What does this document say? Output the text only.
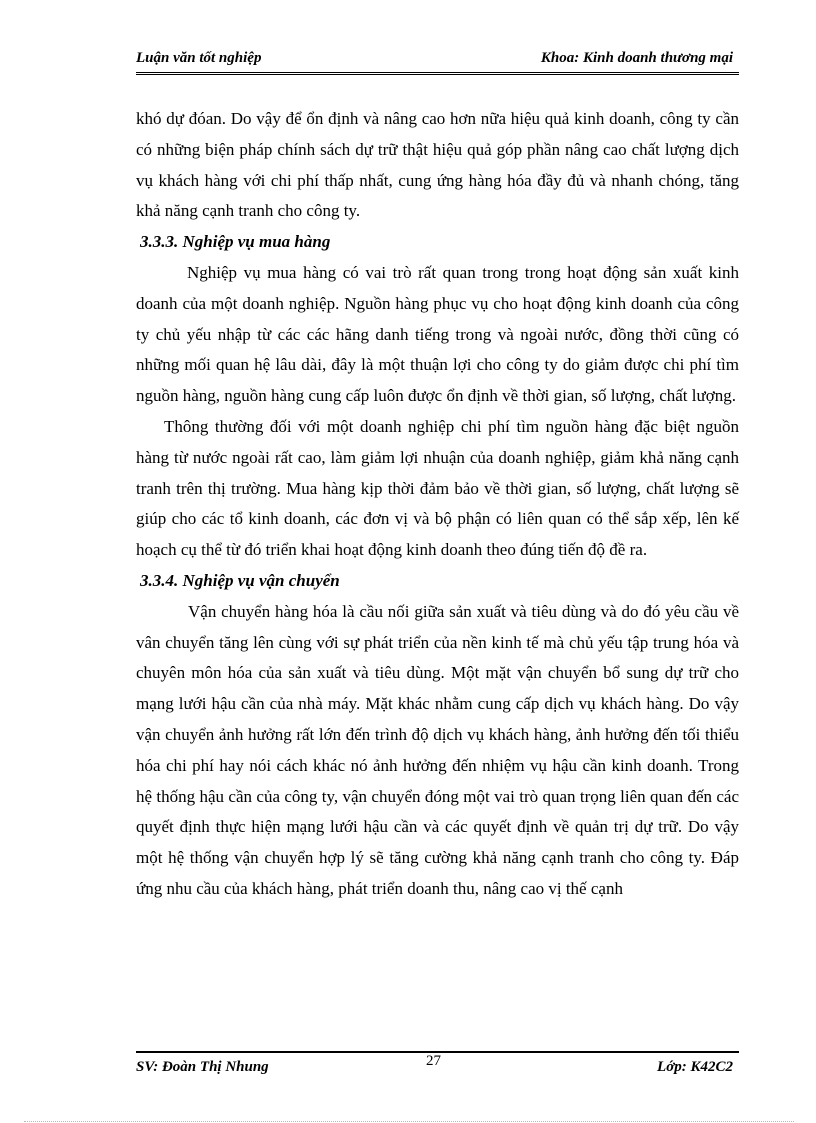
Luận văn tốt nghiệp	Khoa: Kinh doanh thương mại

khó dự đóan. Do vậy để ổn định và nâng cao hơn nữa hiệu quả kinh doanh, công ty cần có những biện pháp chính sách dự trữ thật hiệu quả góp phần nâng cao chất lượng dịch vụ khách hàng với chi phí thấp nhất, cung ứng hàng hóa đầy đủ và nhanh chóng, tăng khả năng cạnh tranh cho công ty.

3.3.3. Nghiệp vụ mua hàng

Nghiệp vụ mua hàng có vai trò rất quan trong trong hoạt động sản xuất kinh doanh của một doanh nghiệp. Nguồn hàng phục vụ cho hoạt động kinh doanh của công ty chủ yếu nhập từ các các hãng danh tiếng trong và ngoài nước, đồng thời cũng có những mối quan hệ lâu dài, đây là một thuận lợi cho công ty do giảm được chi phí tìm nguồn hàng, nguồn hàng cung cấp luôn được ổn định về thời gian, số lượng, chất lượng.

Thông thường đối với một doanh nghiệp chi phí tìm nguồn hàng đặc biệt nguồn hàng từ nước ngoài rất cao, làm giảm lợi nhuận của doanh nghiệp, giảm khả năng cạnh tranh trên thị trường. Mua hàng kịp thời đảm bảo về thời gian, số lượng, chất lượng sẽ giúp cho các tổ kinh doanh, các đơn vị và bộ phận có liên quan có thể sắp xếp, lên kế hoạch cụ thể từ đó triển khai hoạt động kinh doanh theo đúng tiến độ đề ra.

3.3.4. Nghiệp vụ vận chuyển

Vận chuyển hàng hóa là cầu nối giữa sản xuất và tiêu dùng và do đó yêu cầu về vân chuyển tăng lên cùng với sự phát triển của nền kinh tế mà chủ yếu tập trung hóa và chuyên môn hóa của sản xuất và tiêu dùng. Một mặt vận chuyển bổ sung dự trữ cho mạng lưới hậu cần của nhà máy. Mặt khác nhằm cung cấp dịch vụ khách hàng. Do vậy vận chuyển ảnh hưởng rất lớn đến trình độ dịch vụ khách hàng, ảnh hưởng đến tối thiểu hóa chi phí hay nói cách khác nó ảnh hưởng đến nhiệm vụ hậu cần kinh doanh. Trong hệ thống hậu cần của công ty, vận chuyển đóng một vai trò quan trọng liên quan đến các quyết định thực hiện mạng lưới hậu cần và các quyết định về quản trị dự trữ. Do vậy một hệ thống vận chuyển hợp lý sẽ tăng cường khả năng cạnh tranh cho công ty. Đáp ứng nhu cầu của khách hàng, phát triển doanh thu, nâng cao vị thế cạnh

SV: Đoàn Thị Nhung	27	Lớp: K42C2
